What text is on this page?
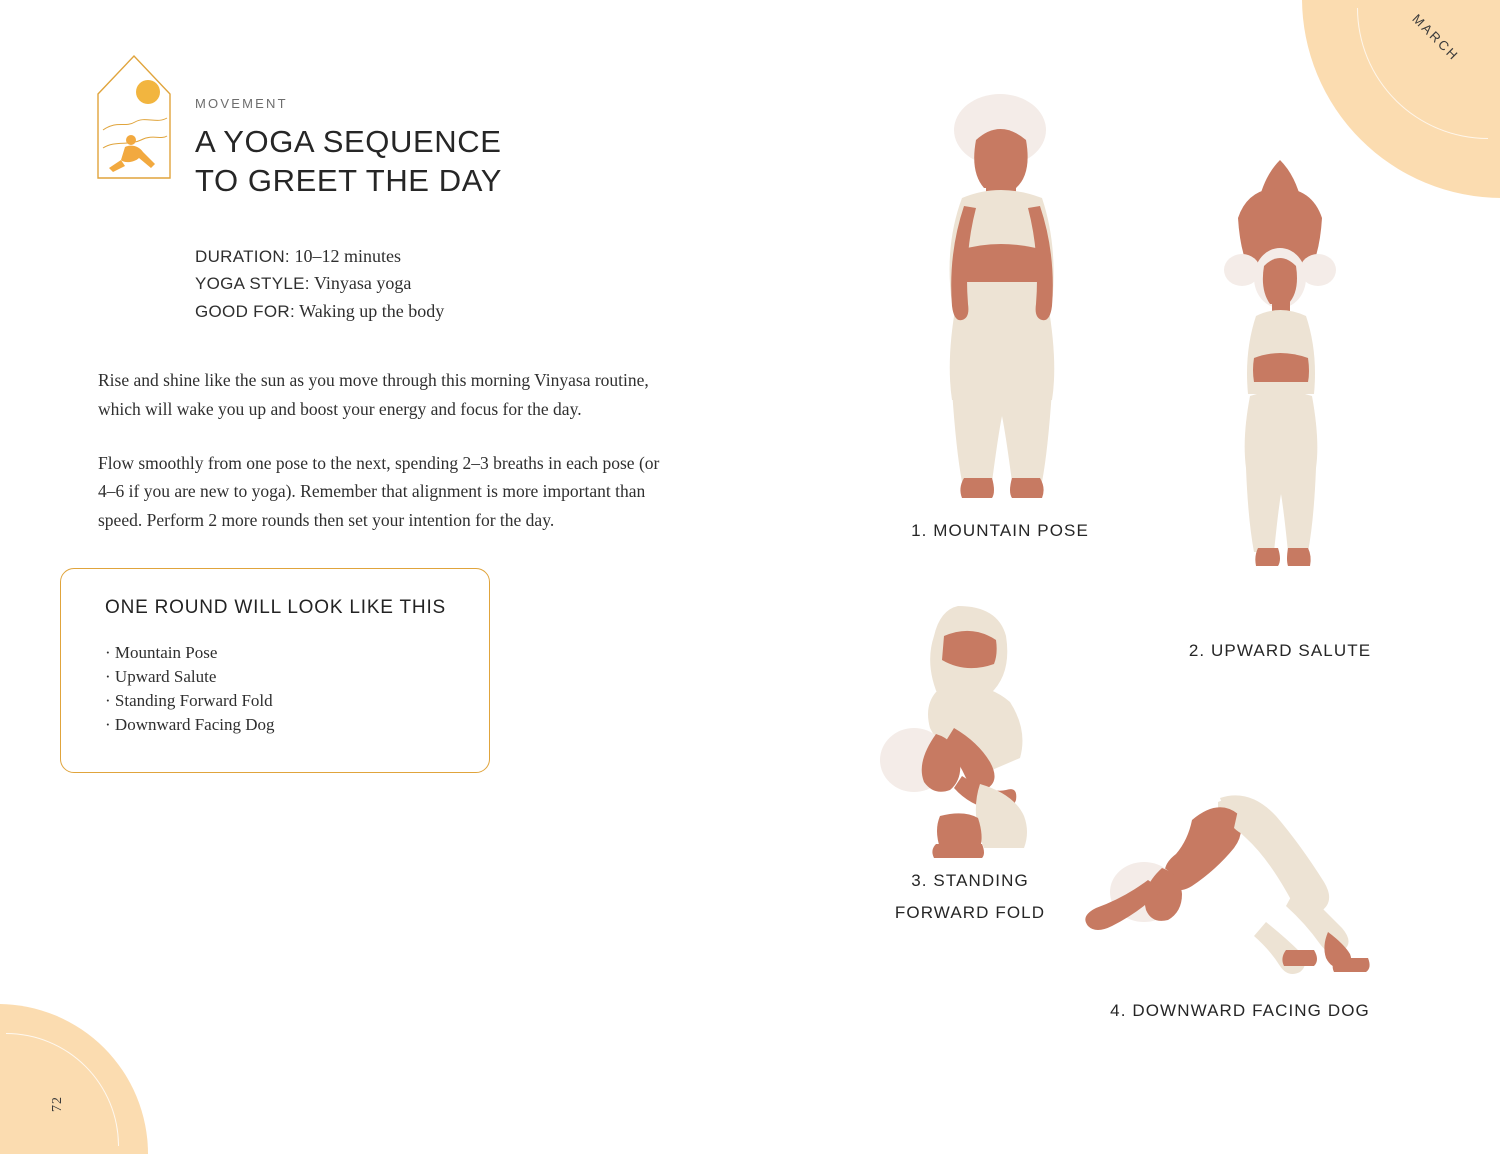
MARCH
72
MOVEMENT
A YOGA SEQUENCE
TO GREET THE DAY
DURATION: 10–12 minutes
YOGA STYLE: Vinyasa yoga
GOOD FOR: Waking up the body

Rise and shine like the sun as you move through this morning Vinyasa routine, which will wake you up and boost your energy and focus for the day.

Flow smoothly from one pose to the next, spending 2–3 breaths in each pose (or 4–6 if you are new to yoga). Remember that alignment is more important than speed. Perform 2 more rounds then set your intention for the day.

ONE ROUND WILL LOOK LIKE THIS
· Mountain Pose
· Upward Salute
· Standing Forward Fold
· Downward Facing Dog
1. MOUNTAIN POSE
2. UPWARD SALUTE
3. STANDING
FORWARD FOLD
4. DOWNWARD FACING DOG
